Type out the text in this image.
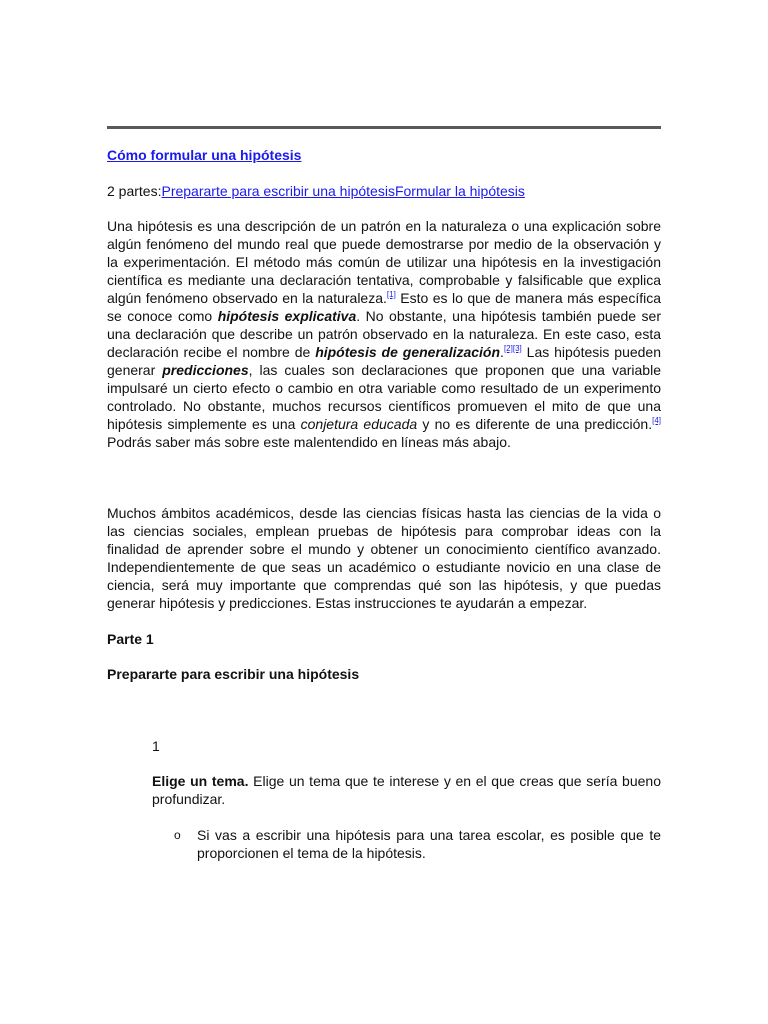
Cómo formular una hipótesis
2 partes:Prepararte para escribir una hipótesisFormular la hipótesis

Una hipótesis es una descripción de un patrón en la naturaleza o una explicación sobre algún fenómeno del mundo real que puede demostrarse por medio de la observación y la experimentación. El método más común de utilizar una hipótesis en la investigación científica es mediante una declaración tentativa, comprobable y falsificable que explica algún fenómeno observado en la naturaleza.[1] Esto es lo que de manera más específica se conoce como hipótesis explicativa. No obstante, una hipótesis también puede ser una declaración que describe un patrón observado en la naturaleza. En este caso, esta declaración recibe el nombre de hipótesis de generalización.[2][3] Las hipótesis pueden generar predicciones, las cuales son declaraciones que proponen que una variable impulsaré un cierto efecto o cambio en otra variable como resultado de un experimento controlado. No obstante, muchos recursos científicos promueven el mito de que una hipótesis simplemente es una conjetura educada y no es diferente de una predicción.[4] Podrás saber más sobre este malentendido en líneas más abajo.

Muchos ámbitos académicos, desde las ciencias físicas hasta las ciencias de la vida o las ciencias sociales, emplean pruebas de hipótesis para comprobar ideas con la finalidad de aprender sobre el mundo y obtener un conocimiento científico avanzado. Independientemente de que seas un académico o estudiante novicio en una clase de ciencia, será muy importante que comprendas qué son las hipótesis, y que puedas generar hipótesis y predicciones. Estas instrucciones te ayudarán a empezar.

Parte 1
Prepararte para escribir una hipótesis
1
Elige un tema. Elige un tema que te interese y en el que creas que sería bueno profundizar.
o	Si vas a escribir una hipótesis para una tarea escolar, es posible que te proporcionen el tema de la hipótesis.
